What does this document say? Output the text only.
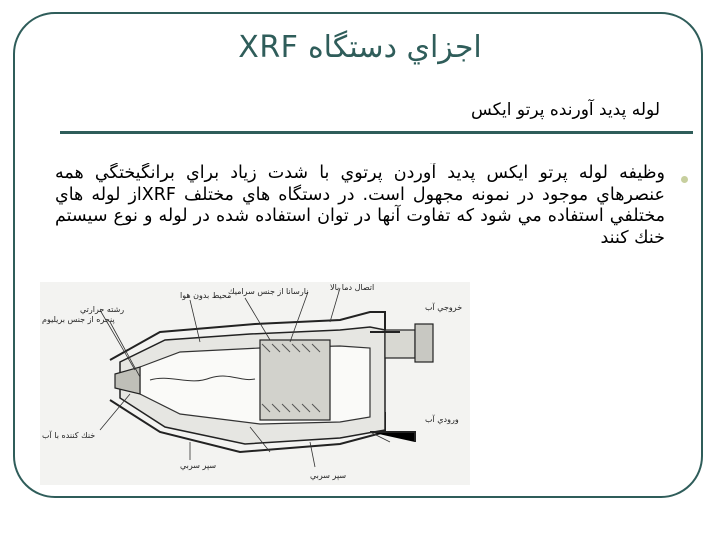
اجزاي دستگاه XRF
لوله پديد آورنده پرتو ايكس
وظيفه لوله پرتو ايكس پديد آوردن پرتوي با شدت زياد براي برانگيختگي همه عنصرهاي موجود در نمونه مجهول است. در دستگاه هاي مختلف XRFاز لوله هاي مختلفي استفاده مي شود كه تفاوت آنها در توان استفاده شده در لوله و نوع سيستم خنك كنند
محيط بدون هوا
نارسانا از جنس سراميك	اتصال دما بالا
رشته حرارتي
پنجره از جنس بريليوم
خروجي آب
ورودي آب
خنك كننده با آب
سپر سربي
سپر سربي
